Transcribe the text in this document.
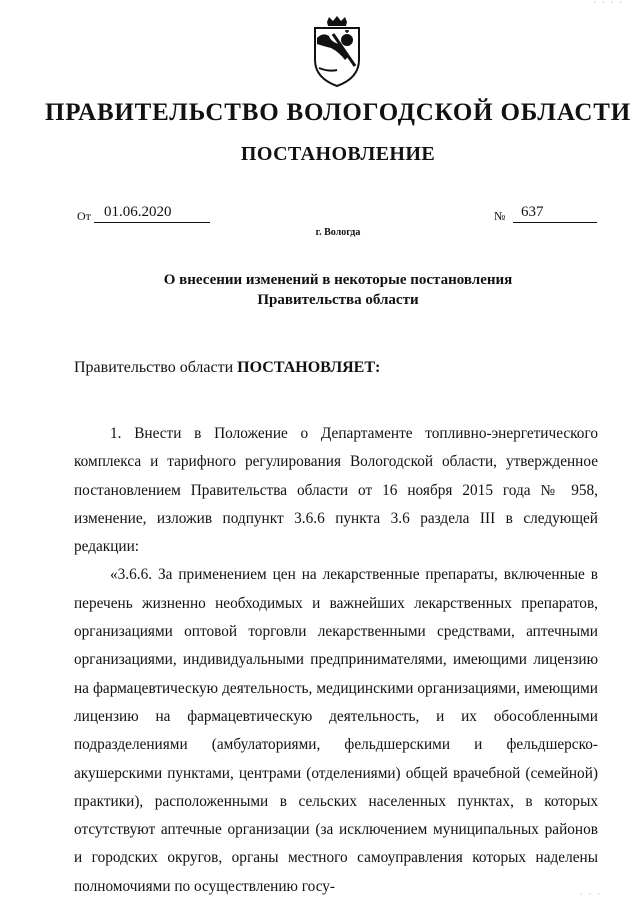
· · · ·
ПРАВИТЕЛЬСТВО ВОЛОГОДСКОЙ ОБЛАСТИ
ПОСТАНОВЛЕНИЕ
От 01.06.2020	№ 637
г. Вологда
О внесении изменений в некоторые постановления
Правительства области
Правительство области ПОСТАНОВЛЯЕТ:

1. Внести в Положение о Департаменте топливно-энергетического комплекса и тарифного регулирования Вологодской области, утвержденное постановлением Правительства области от 16 ноября 2015 года № 958, изменение, изложив подпункт 3.6.6 пункта 3.6 раздела III в следующей редакции:

«3.6.6. За применением цен на лекарственные препараты, включенные в перечень жизненно необходимых и важнейших лекарственных препаратов, организациями оптовой торговли лекарственными средствами, аптечными организациями, индивидуальными предпринимателями, имеющими лицензию на фармацевтическую деятельность, медицинскими организациями, имеющими лицензию на фармацевтическую деятельность, и их обособленными подразделениями (амбулаториями, фельдшерскими и фельдшерско-акушерскими пунктами, центрами (отделениями) общей врачебной (семейной) практики), расположенными в сельских населенных пунктах, в которых отсутствуют аптечные организации (за исключением муниципальных районов и городских округов, органы местного самоуправления которых наделены полномочиями по осуществлению госу-	· · ·
